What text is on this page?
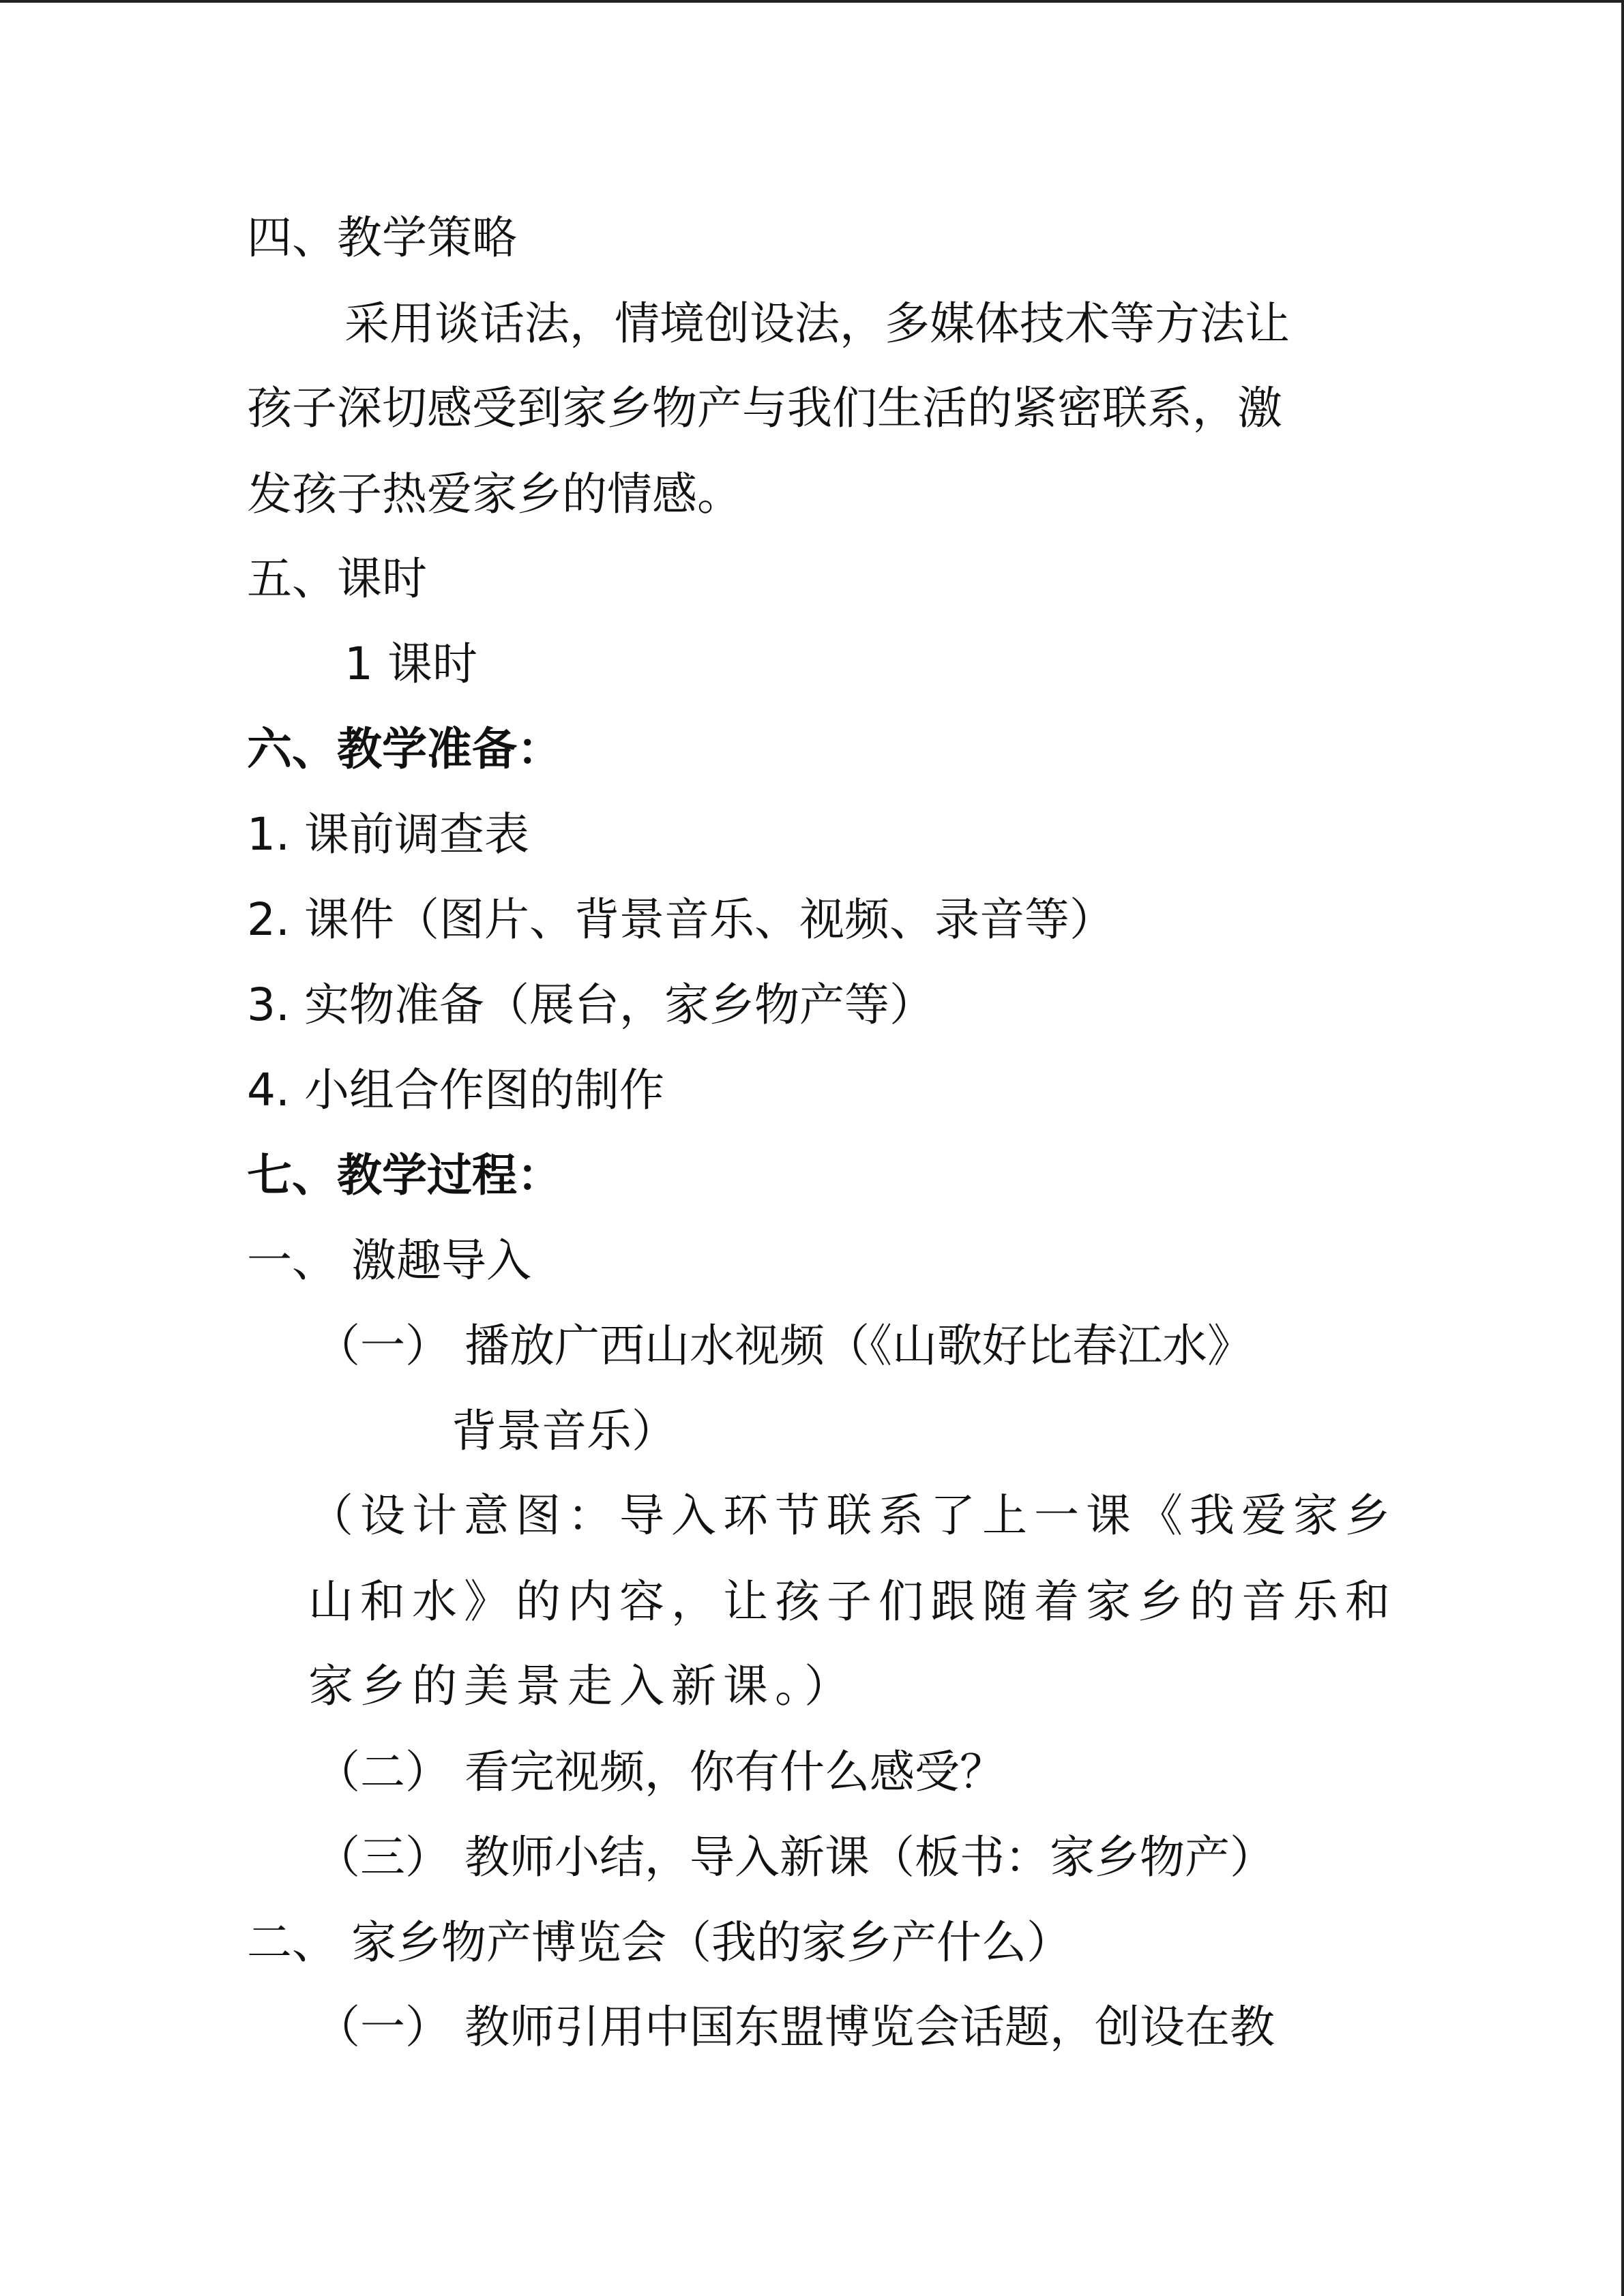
四、教学策略
采用谈话法，情境创设法，多媒体技术等方法让
孩子深切感受到家乡物产与我们生活的紧密联系，激
发孩子热爱家乡的情感。
五、课时
1 课时
六、教学准备：
1. 课前调查表
2. 课件（图片、背景音乐、视频、录音等）
3. 实物准备（展台，家乡物产等）
4. 小组合作图的制作
七、教学过程：
一、 激趣导入
（一） 播放广西山水视频（《山歌好比春江水》
背景音乐）
（设计意图：导入环节联系了上一课《我爱家乡
山和水》的内容，让孩子们跟随着家乡的音乐和
家乡的美景走入新课。）
（二） 看完视频，你有什么感受？
（三） 教师小结，导入新课（板书：家乡物产）
二、 家乡物产博览会（我的家乡产什么）
（一） 教师引用中国东盟博览会话题，创设在教
